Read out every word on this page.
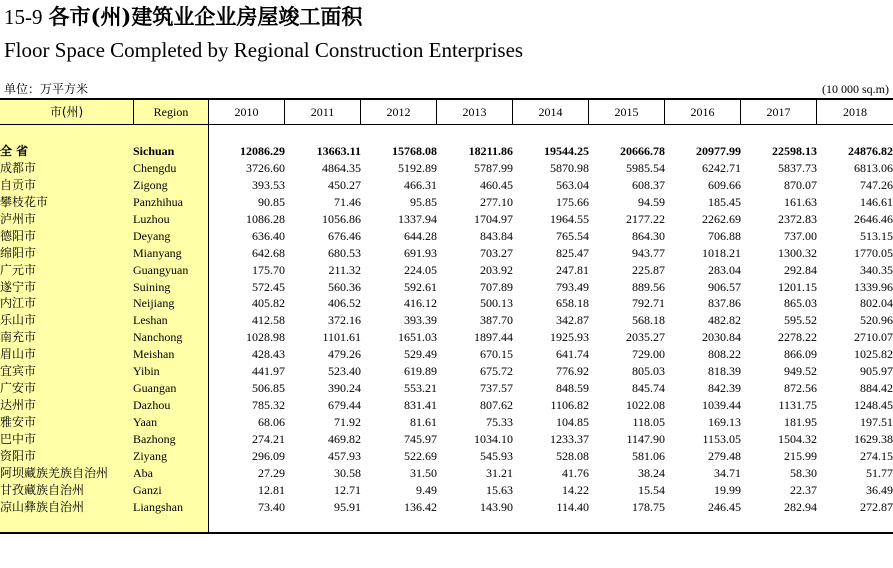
15-9 各市(州)建筑业企业房屋竣工面积
Floor Space Completed by Regional Construction Enterprises
单位：万平方米	(10 000 sq.m)
市(州)	Region	2010	2011	2012	2013	2014	2015	2016	2017	2018
全 省	Sichuan	12086.29	13663.11	15768.08	18211.86	19544.25	20666.78	20977.99	22598.13	24876.82
成都市	Chengdu	3726.60	4864.35	5192.89	5787.99	5870.98	5985.54	6242.71	5837.73	6813.06
自贡市	Zigong	393.53	450.27	466.31	460.45	563.04	608.37	609.66	870.07	747.26
攀枝花市	Panzhihua	90.85	71.46	95.85	277.10	175.66	94.59	185.45	161.63	146.61
泸州市	Luzhou	1086.28	1056.86	1337.94	1704.97	1964.55	2177.22	2262.69	2372.83	2646.46
德阳市	Deyang	636.40	676.46	644.28	843.84	765.54	864.30	706.88	737.00	513.15
绵阳市	Mianyang	642.68	680.53	691.93	703.27	825.47	943.77	1018.21	1300.32	1770.05
广元市	Guangyuan	175.70	211.32	224.05	203.92	247.81	225.87	283.04	292.84	340.35
遂宁市	Suining	572.45	560.36	592.61	707.89	793.49	889.56	906.57	1201.15	1339.96
内江市	Neijiang	405.82	406.52	416.12	500.13	658.18	792.71	837.86	865.03	802.04
乐山市	Leshan	412.58	372.16	393.39	387.70	342.87	568.18	482.82	595.52	520.96
南充市	Nanchong	1028.98	1101.61	1651.03	1897.44	1925.93	2035.27	2030.84	2278.22	2710.07
眉山市	Meishan	428.43	479.26	529.49	670.15	641.74	729.00	808.22	866.09	1025.82
宜宾市	Yibin	441.97	523.40	619.89	675.72	776.92	805.03	818.39	949.52	905.97
广安市	Guangan	506.85	390.24	553.21	737.57	848.59	845.74	842.39	872.56	884.42
达州市	Dazhou	785.32	679.44	831.41	807.62	1106.82	1022.08	1039.44	1131.75	1248.45
雅安市	Yaan	68.06	71.92	81.61	75.33	104.85	118.05	169.13	181.95	197.51
巴中市	Bazhong	274.21	469.82	745.97	1034.10	1233.37	1147.90	1153.05	1504.32	1629.38
资阳市	Ziyang	296.09	457.93	522.69	545.93	528.08	581.06	279.48	215.99	274.15
阿坝藏族羌族自治州	Aba	27.29	30.58	31.50	31.21	41.76	38.24	34.71	58.30	51.77
甘孜藏族自治州	Ganzi	12.81	12.71	9.49	15.63	14.22	15.54	19.99	22.37	36.49
凉山彝族自治州	Liangshan	73.40	95.91	136.42	143.90	114.40	178.75	246.45	282.94	272.87
